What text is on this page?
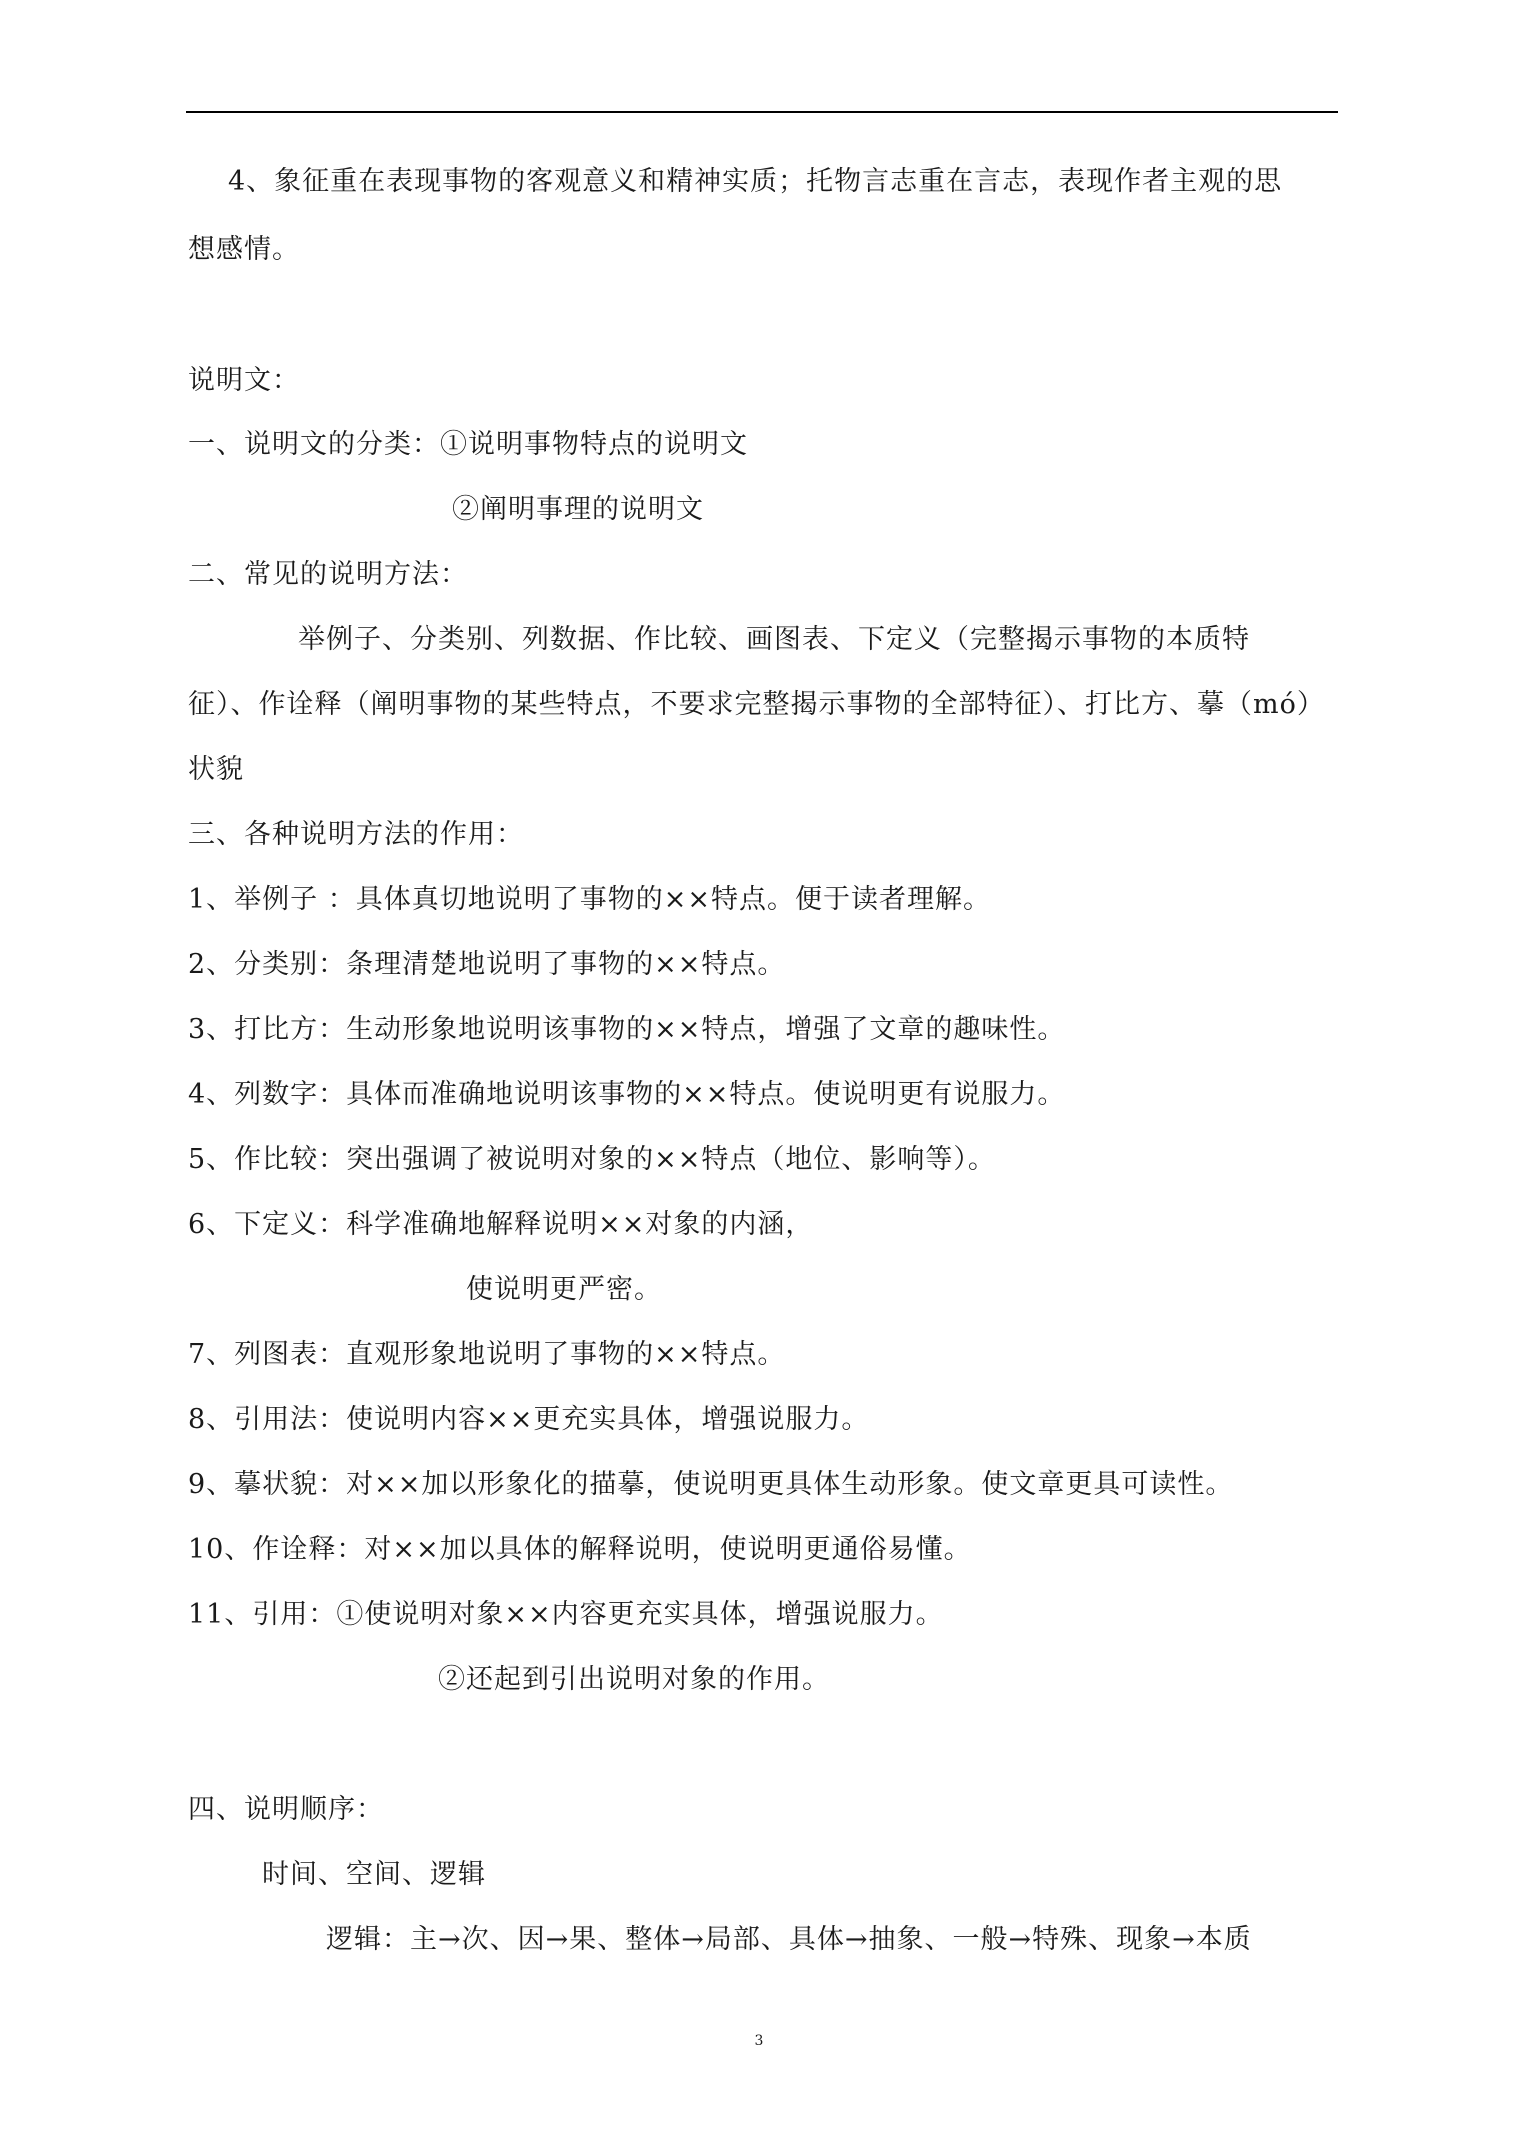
4、象征重在表现事物的客观意义和精神实质；托物言志重在言志，表现作者主观的思
想感情。
说明文：
一、说明文的分类：①说明事物特点的说明文
②阐明事理的说明文
二、常见的说明方法：
举例子、分类别、列数据、作比较、画图表、下定义（完整揭示事物的本质特
征）、作诠释（阐明事物的某些特点，不要求完整揭示事物的全部特征）、打比方、摹（mó）
状貌
三、各种说明方法的作用：
1、举例子 ：具体真切地说明了事物的××特点。便于读者理解。
2、分类别：条理清楚地说明了事物的××特点。
3、打比方：生动形象地说明该事物的××特点，增强了文章的趣味性。
4、列数字：具体而准确地说明该事物的××特点。使说明更有说服力。
5、作比较：突出强调了被说明对象的××特点（地位、影响等）。
6、下定义：科学准确地解释说明××对象的内涵，
使说明更严密。
7、列图表：直观形象地说明了事物的××特点。
8、引用法：使说明内容××更充实具体，增强说服力。
9、摹状貌：对××加以形象化的描摹，使说明更具体生动形象。使文章更具可读性。
10、作诠释：对××加以具体的解释说明，使说明更通俗易懂。
11、引用：①使说明对象××内容更充实具体，增强说服力。
②还起到引出说明对象的作用。
四、说明顺序：
时间、空间、逻辑
逻辑：主→次、因→果、整体→局部、具体→抽象、一般→特殊、现象→本质
3
